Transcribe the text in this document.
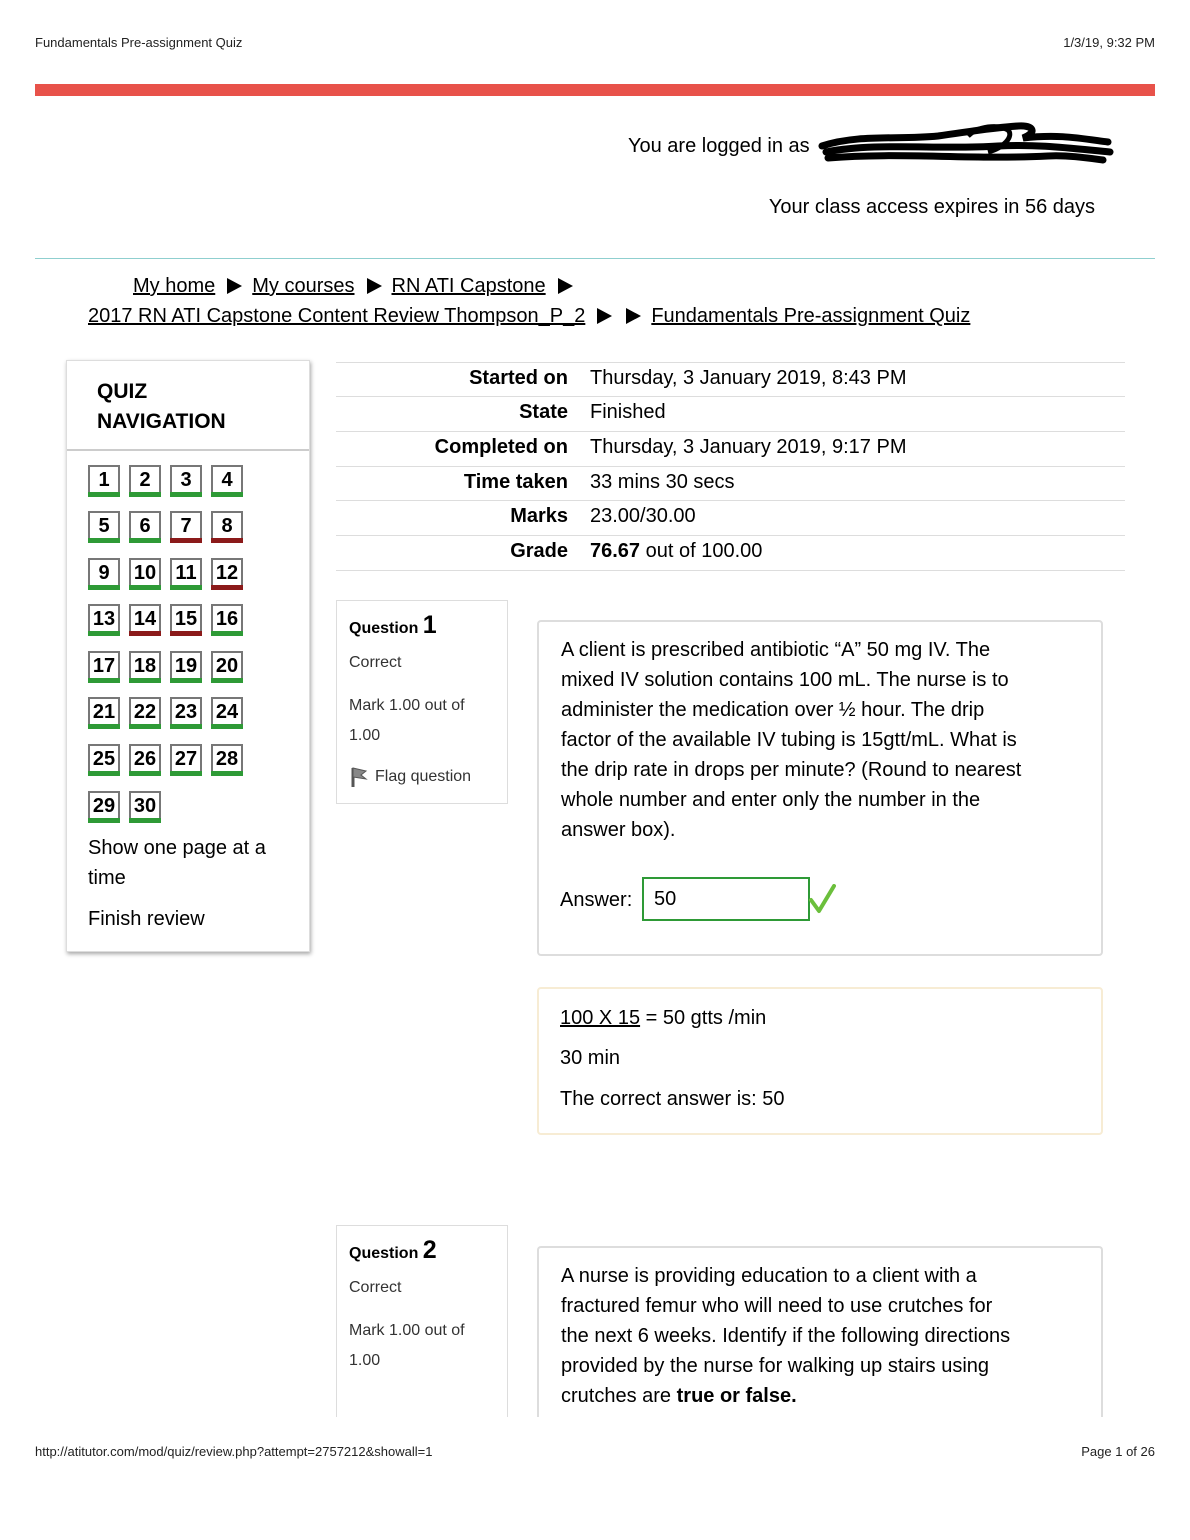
Fundamentals Pre-assignment Quiz	1/3/19, 9:32 PM
You are logged in as
Your class access expires in 56 days
My home My courses RN ATI Capstone
2017 RN ATI Capstone Content Review Thompson_P_2	Fundamentals Pre-assignment Quiz
QUIZ
NAVIGATION
1	2	3	4
5	6	7	8
9	10 11 12
13 14 15 16
17 18 19 20
21 22 23 24
25 26 27 28
29 30
Show one page at a
time
Finish review
Started on Thursday, 3 January 2019, 8:43 PM
State Finished
Completed on Thursday, 3 January 2019, 9:17 PM
Time taken 33 mins 30 secs
Marks 23.00/30.00
Grade 76.67 out of 100.00
Question 1
Correct
Mark 1.00 out of
1.00
Flag question

A client is prescribed antibiotic “A” 50 mg IV. The

mixed IV solution contains 100 mL. The nurse is to

administer the medication over ½ hour. The drip

factor of the available IV tubing is 15gtt/mL. What is

the drip rate in drops per minute? (Round to nearest

whole number and enter only the number in the

answer box).

Answer:	50
100 X 15 = 50 gtts /min
30 min
The correct answer is: 50
Question 2
Correct
Mark 1.00 out of
1.00

A nurse is providing education to a client with a

fractured femur who will need to use crutches for

the next 6 weeks. Identify if the following directions

provided by the nurse for walking up stairs using

crutches are true or false.

http://atitutor.com/mod/quiz/review.php?attempt=2757212&showall=1	Page 1 of 26
